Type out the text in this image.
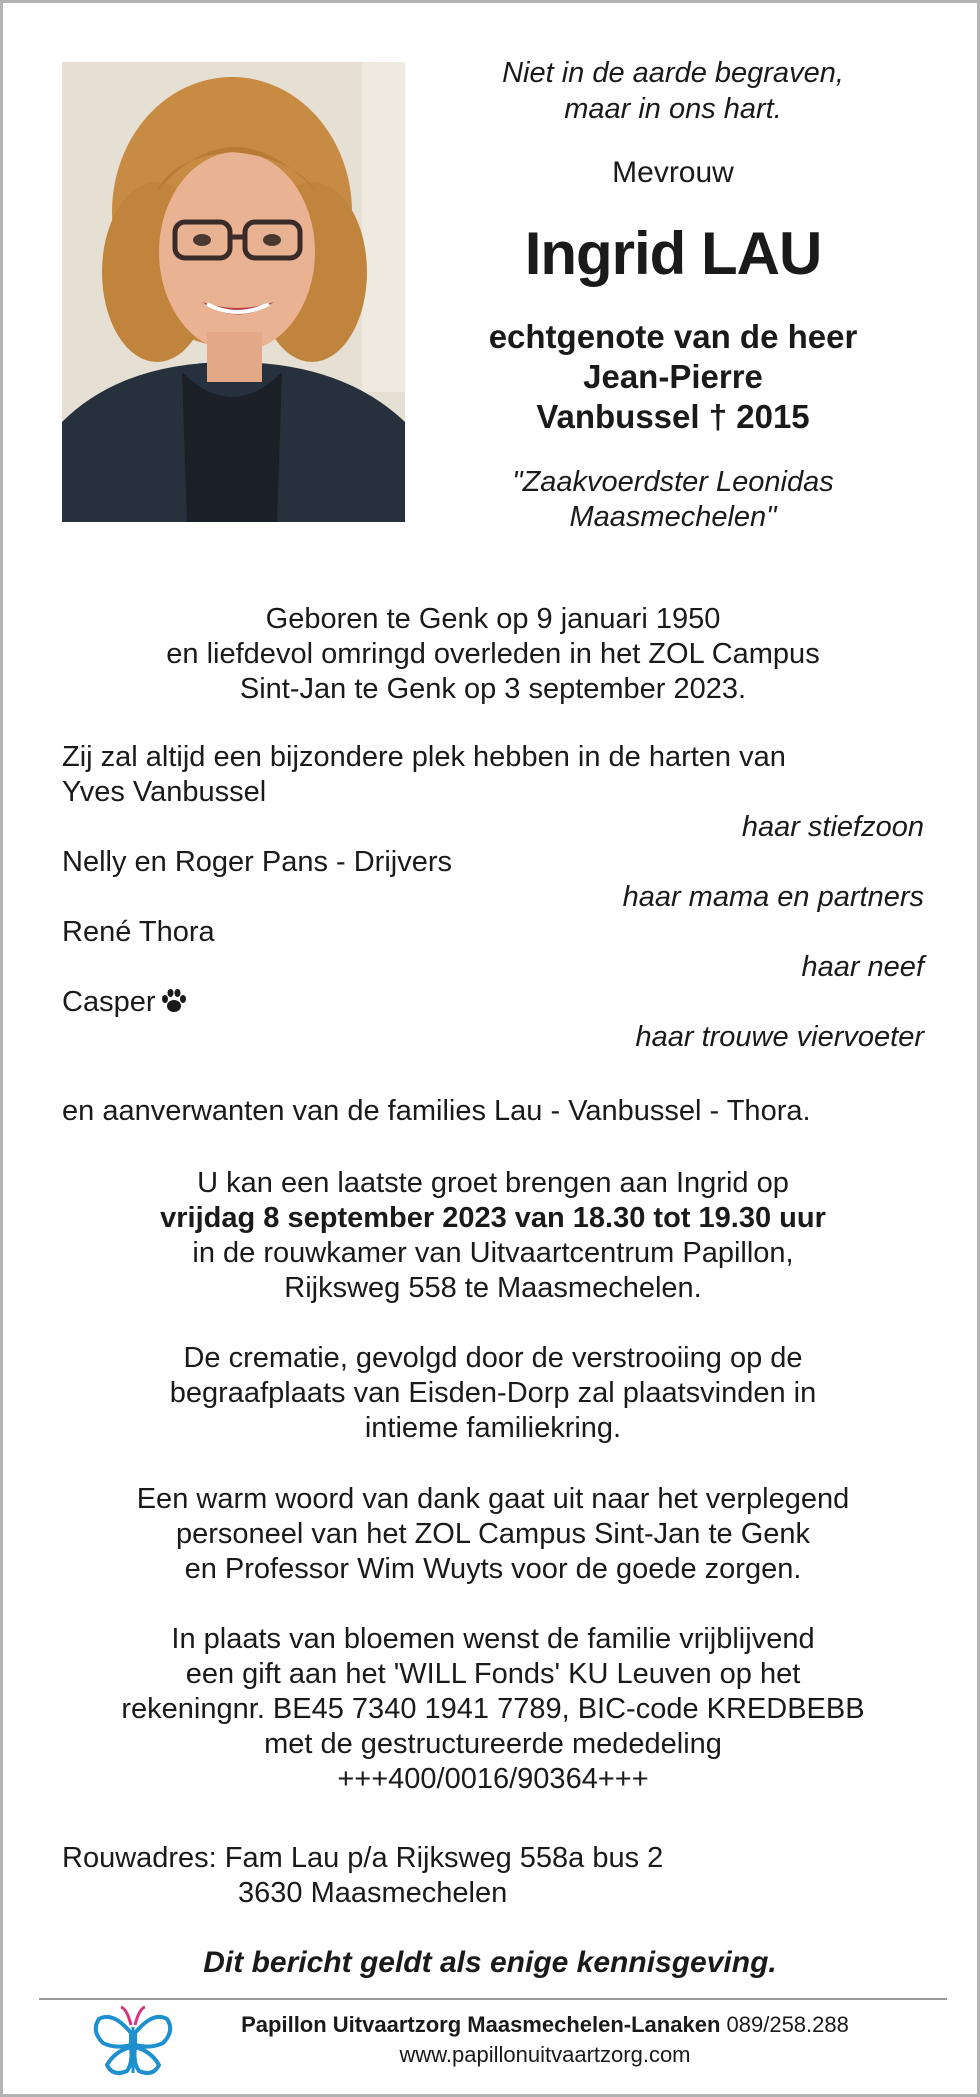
Niet in de aarde begraven,
maar in ons hart.
Mevrouw
Ingrid LAU
echtgenote van de heer
Jean-Pierre
Vanbussel † 2015
"Zaakvoerdster Leonidas
Maasmechelen"
Geboren te Genk op 9 januari 1950
en liefdevol omringd overleden in het ZOL Campus
Sint-Jan te Genk op 3 september 2023.
Zij zal altijd een bijzondere plek hebben in de harten van
Yves Vanbussel
haar stiefzoon
Nelly en Roger Pans - Drijvers
haar mama en partners
René Thora
haar neef
Casper
haar trouwe viervoeter
en aanverwanten van de families Lau - Vanbussel - Thora.
U kan een laatste groet brengen aan Ingrid op
vrijdag 8 september 2023 van 18.30 tot 19.30 uur
in de rouwkamer van Uitvaartcentrum Papillon,
Rijksweg 558 te Maasmechelen.
De crematie, gevolgd door de verstrooiing op de
begraafplaats van Eisden-Dorp zal plaatsvinden in
intieme familiekring.
Een warm woord van dank gaat uit naar het verplegend
personeel van het ZOL Campus Sint-Jan te Genk
en Professor Wim Wuyts voor de goede zorgen.
In plaats van bloemen wenst de familie vrijblijvend
een gift aan het 'WILL Fonds' KU Leuven op het
rekeningnr. BE45 7340 1941 7789, BIC-code KREDBEBB
met de gestructureerde mededeling
+++400/0016/90364+++
Rouwadres: Fam Lau p/a Rijksweg 558a bus 2
3630 Maasmechelen
Dit bericht geldt als enige kennisgeving.
Papillon Uitvaartzorg Maasmechelen-Lanaken 089/258.288
www.papillonuitvaartzorg.com
